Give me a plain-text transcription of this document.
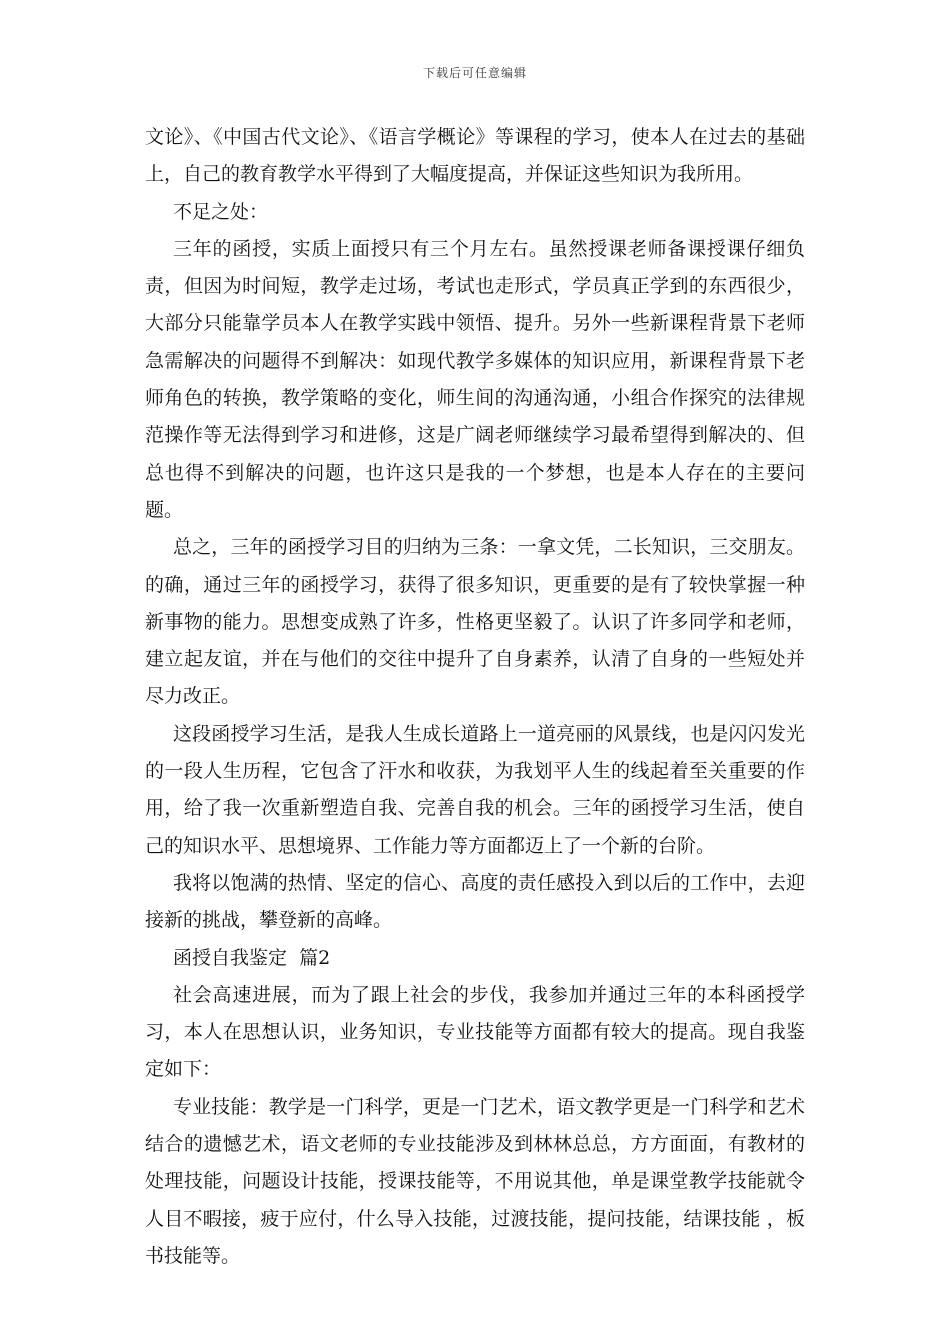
下载后可任意编辑

文论》、《中国古代文论》、《语言学概论》等课程的学习，使本人在过去的基础上，自己的教育教学水平得到了大幅度提高，并保证这些知识为我所用。

不足之处：

三年的函授，实质上面授只有三个月左右。虽然授课老师备课授课仔细负责，但因为时间短，教学走过场，考试也走形式，学员真正学到的东西很少，大部分只能靠学员本人在教学实践中领悟、提升。另外一些新课程背景下老师急需解决的问题得不到解决：如现代教学多媒体的知识应用，新课程背景下老师角色的转换，教学策略的变化，师生间的沟通沟通，小组合作探究的法律规范操作等无法得到学习和进修，这是广阔老师继续学习最希望得到解决的、但总也得不到解决的问题，也许这只是我的一个梦想，也是本人存在的主要问题。

总之，三年的函授学习目的归纳为三条：一拿文凭，二长知识，三交朋友。的确，通过三年的函授学习，获得了很多知识，更重要的是有了较快掌握一种新事物的能力。思想变成熟了许多，性格更坚毅了。认识了许多同学和老师，建立起友谊，并在与他们的交往中提升了自身素养，认清了自身的一些短处并尽力改正。

这段函授学习生活，是我人生成长道路上一道亮丽的风景线，也是闪闪发光的一段人生历程，它包含了汗水和收获，为我划平人生的线起着至关重要的作用，给了我一次重新塑造自我、完善自我的机会。三年的函授学习生活，使自己的知识水平、思想境界、工作能力等方面都迈上了一个新的台阶。

我将以饱满的热情、坚定的信心、高度的责任感投入到以后的工作中，去迎接新的挑战，攀登新的高峰。

函授自我鉴定  篇2

社会高速进展，而为了跟上社会的步伐，我参加并通过三年的本科函授学习，本人在思想认识，业务知识，专业技能等方面都有较大的提高。现自我鉴定如下：

专业技能：教学是一门科学，更是一门艺术，语文教学更是一门科学和艺术结合的遗憾艺术，语文老师的专业技能涉及到林林总总，方方面面，有教材的处理技能，问题设计技能，授课技能等，不用说其他，单是课堂教学技能就令人目不暇接，疲于应付，什么导入技能，过渡技能，提问技能，结课技能 ，板书技能等。
